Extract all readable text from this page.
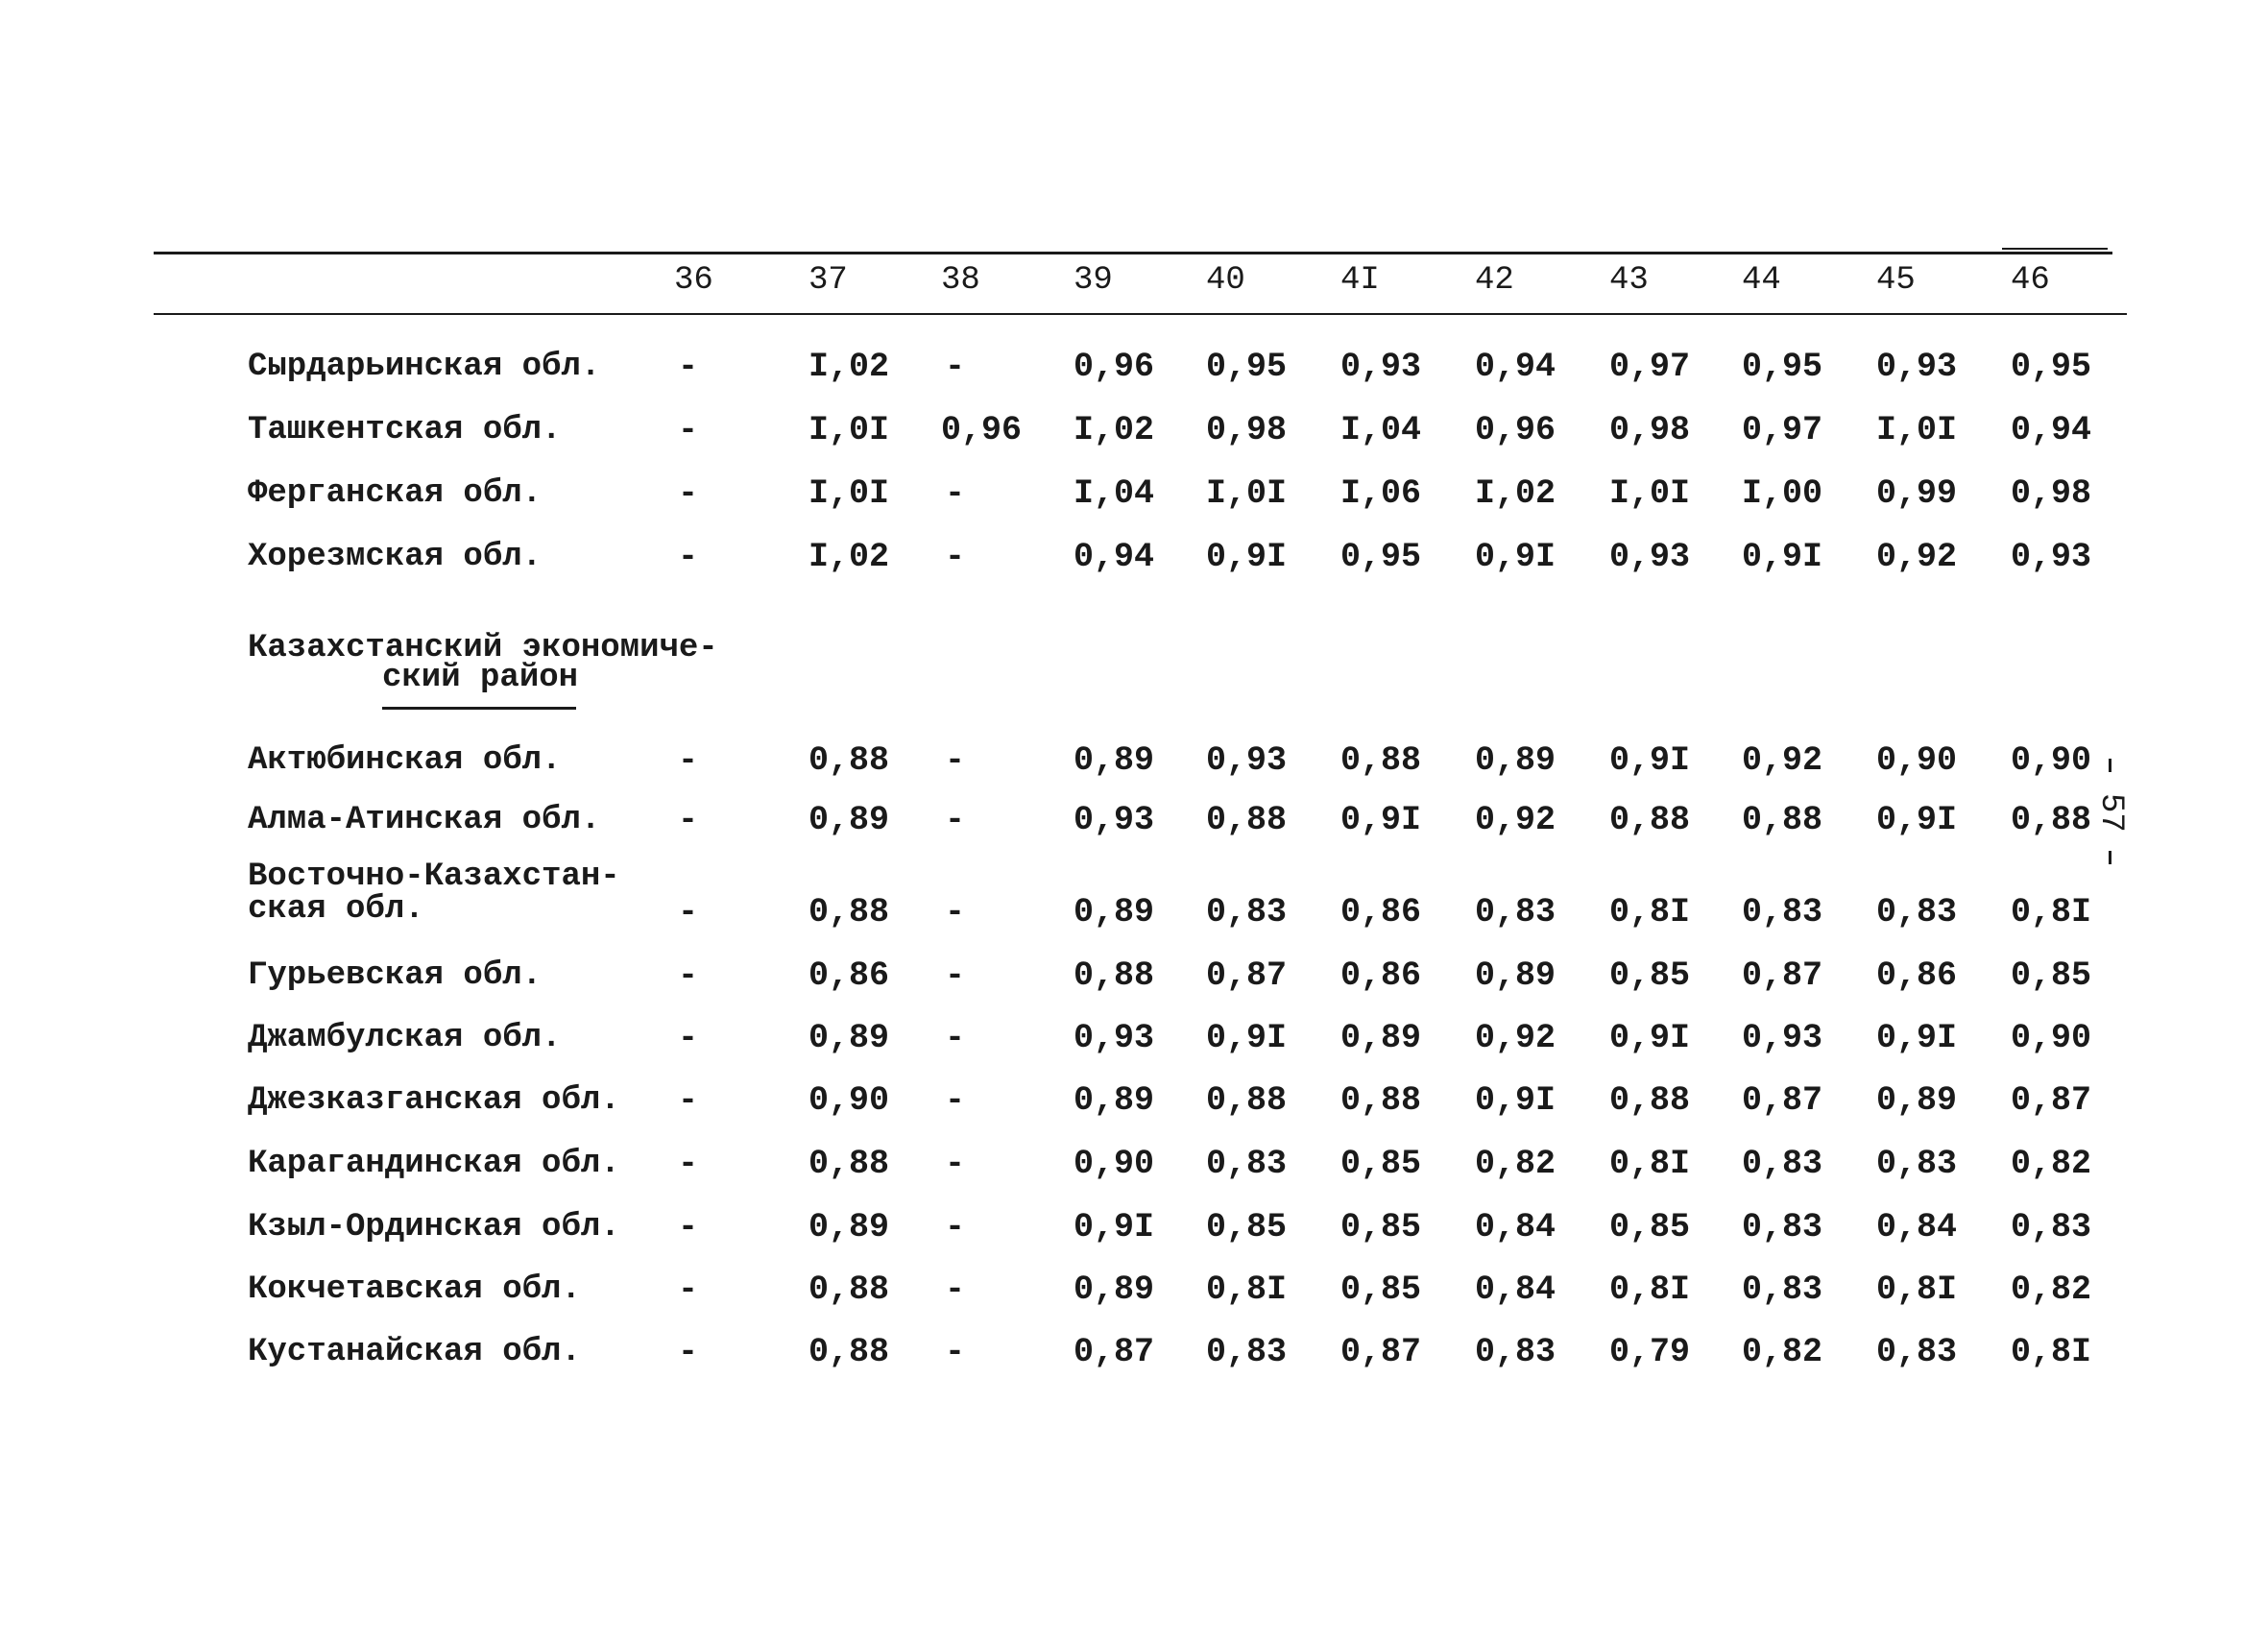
36	37	38	39	40	4I	42	43	44	45	46
Сырдарьинская обл. -	I,02	-	0,96	0,95	0,93	0,94	0,97	0,95	0,93	0,95
Ташкентская обл.	-	I,0I	0,96	I,02	0,98	I,04	0,96	0,98	0,97	I,0I	0,94
Ферганская обл.	-	I,0I	-	I,04	I,0I	I,06	I,02	I,0I	I,00	0,99	0,98
Хорезмская обл.	-	I,02	-	0,94	0,9I	0,95	0,9I	0,93	0,9I	0,92	0,93
Казахстанский экономиче-
ский район
Актюбинская обл.	-	0,88	-	0,89	0,93	0,88	0,89	0,9I	0,92	0,90	0,90
Алма-Атинская обл. -	0,89	-	0,93	0,88	0,9I	0,92	0,88	0,88	0,9I	0,88
Восточно-Казахстан-
ская обл.	-	0,88	-	0,89	0,83	0,86	0,83	0,8I	0,83	0,83	0,8I
Гурьевская обл.	-	0,86	-	0,88	0,87	0,86	0,89	0,85	0,87	0,86	0,85
Джамбулская обл.	-	0,89	-	0,93	0,9I	0,89	0,92	0,9I	0,93	0,9I	0,90
Джезказганская обл. -	0,90	-	0,89	0,88	0,88	0,9I	0,88	0,87	0,89	0,87
Карагандинская обл. -	0,88	-	0,90	0,83	0,85	0,82	0,8I	0,83	0,83	0,82
Кзыл-Ординская обл. -	0,89	-	0,9I	0,85	0,85	0,84	0,85	0,83	0,84	0,83
Кокчетавская обл.	-	0,88	-	0,89	0,8I	0,85	0,84	0,8I	0,83	0,8I	0,82
Кустанайская обл.	-	0,88	-	0,87	0,83	0,87	0,83	0,79	0,82	0,83	0,8I
57
